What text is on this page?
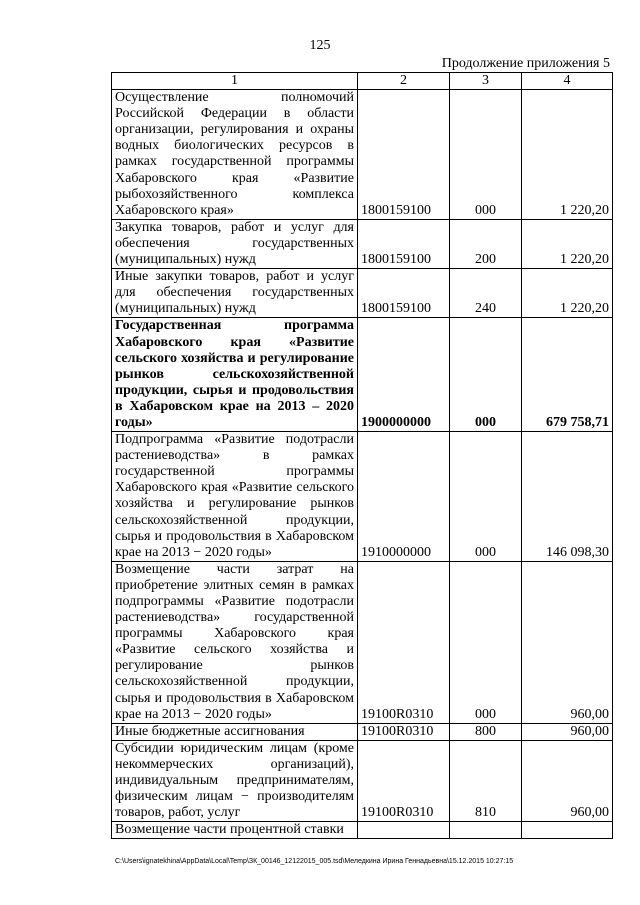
125
Продолжение приложения 5
1	2	3	4
Осуществление полномочий Российской Федерации в области организации, регулирования и охраны водных биологических ресурсов в рамках государственной программы Хабаровского края «Развитие рыбохозяйственного комплекса Хабаровского края»	1800159100	000	1 220,20
Закупка товаров, работ и услуг для обеспечения государственных (муниципальных) нужд	1800159100	200	1 220,20
Иные закупки товаров, работ и услуг для обеспечения государственных (муниципальных) нужд	1800159100	240	1 220,20
Государственная программа Хабаровского края «Развитие сельского хозяйства и регулирование рынков сельскохозяйственной продукции, сырья и продовольствия в Хабаровском крае на 2013 – 2020 годы»	1900000000	000	679 758,71
Подпрограмма «Развитие подотрасли растениеводства» в рамках государственной программы Хабаровского края «Развитие сельского хозяйства и регулирование рынков сельскохозяйственной продукции, сырья и продовольствия в Хабаровском крае на 2013 − 2020 годы»	1910000000	000	146 098,30
Возмещение части затрат на приобретение элитных семян в рамках подпрограммы «Развитие подотрасли растениеводства» государственной программы Хабаровского края «Развитие сельского хозяйства и регулирование рынков сельскохозяйственной продукции, сырья и продовольствия в Хабаровском крае на 2013 − 2020 годы»	19100R0310	000	960,00
Иные бюджетные ассигнования	19100R0310	800	960,00
Субсидии юридическим лицам (кроме некоммерческих организаций), индивидуальным предпринимателям, физическим лицам − производителям товаров, работ, услуг	19100R0310	810	960,00
Возмещение части процентной ставки			
C:\Users\ignatekhina\AppData\Local\Temp\ЗК_00146_12122015_005.tsd\Меледкина Ирина Геннадьевна\15.12.2015 10:27:15
